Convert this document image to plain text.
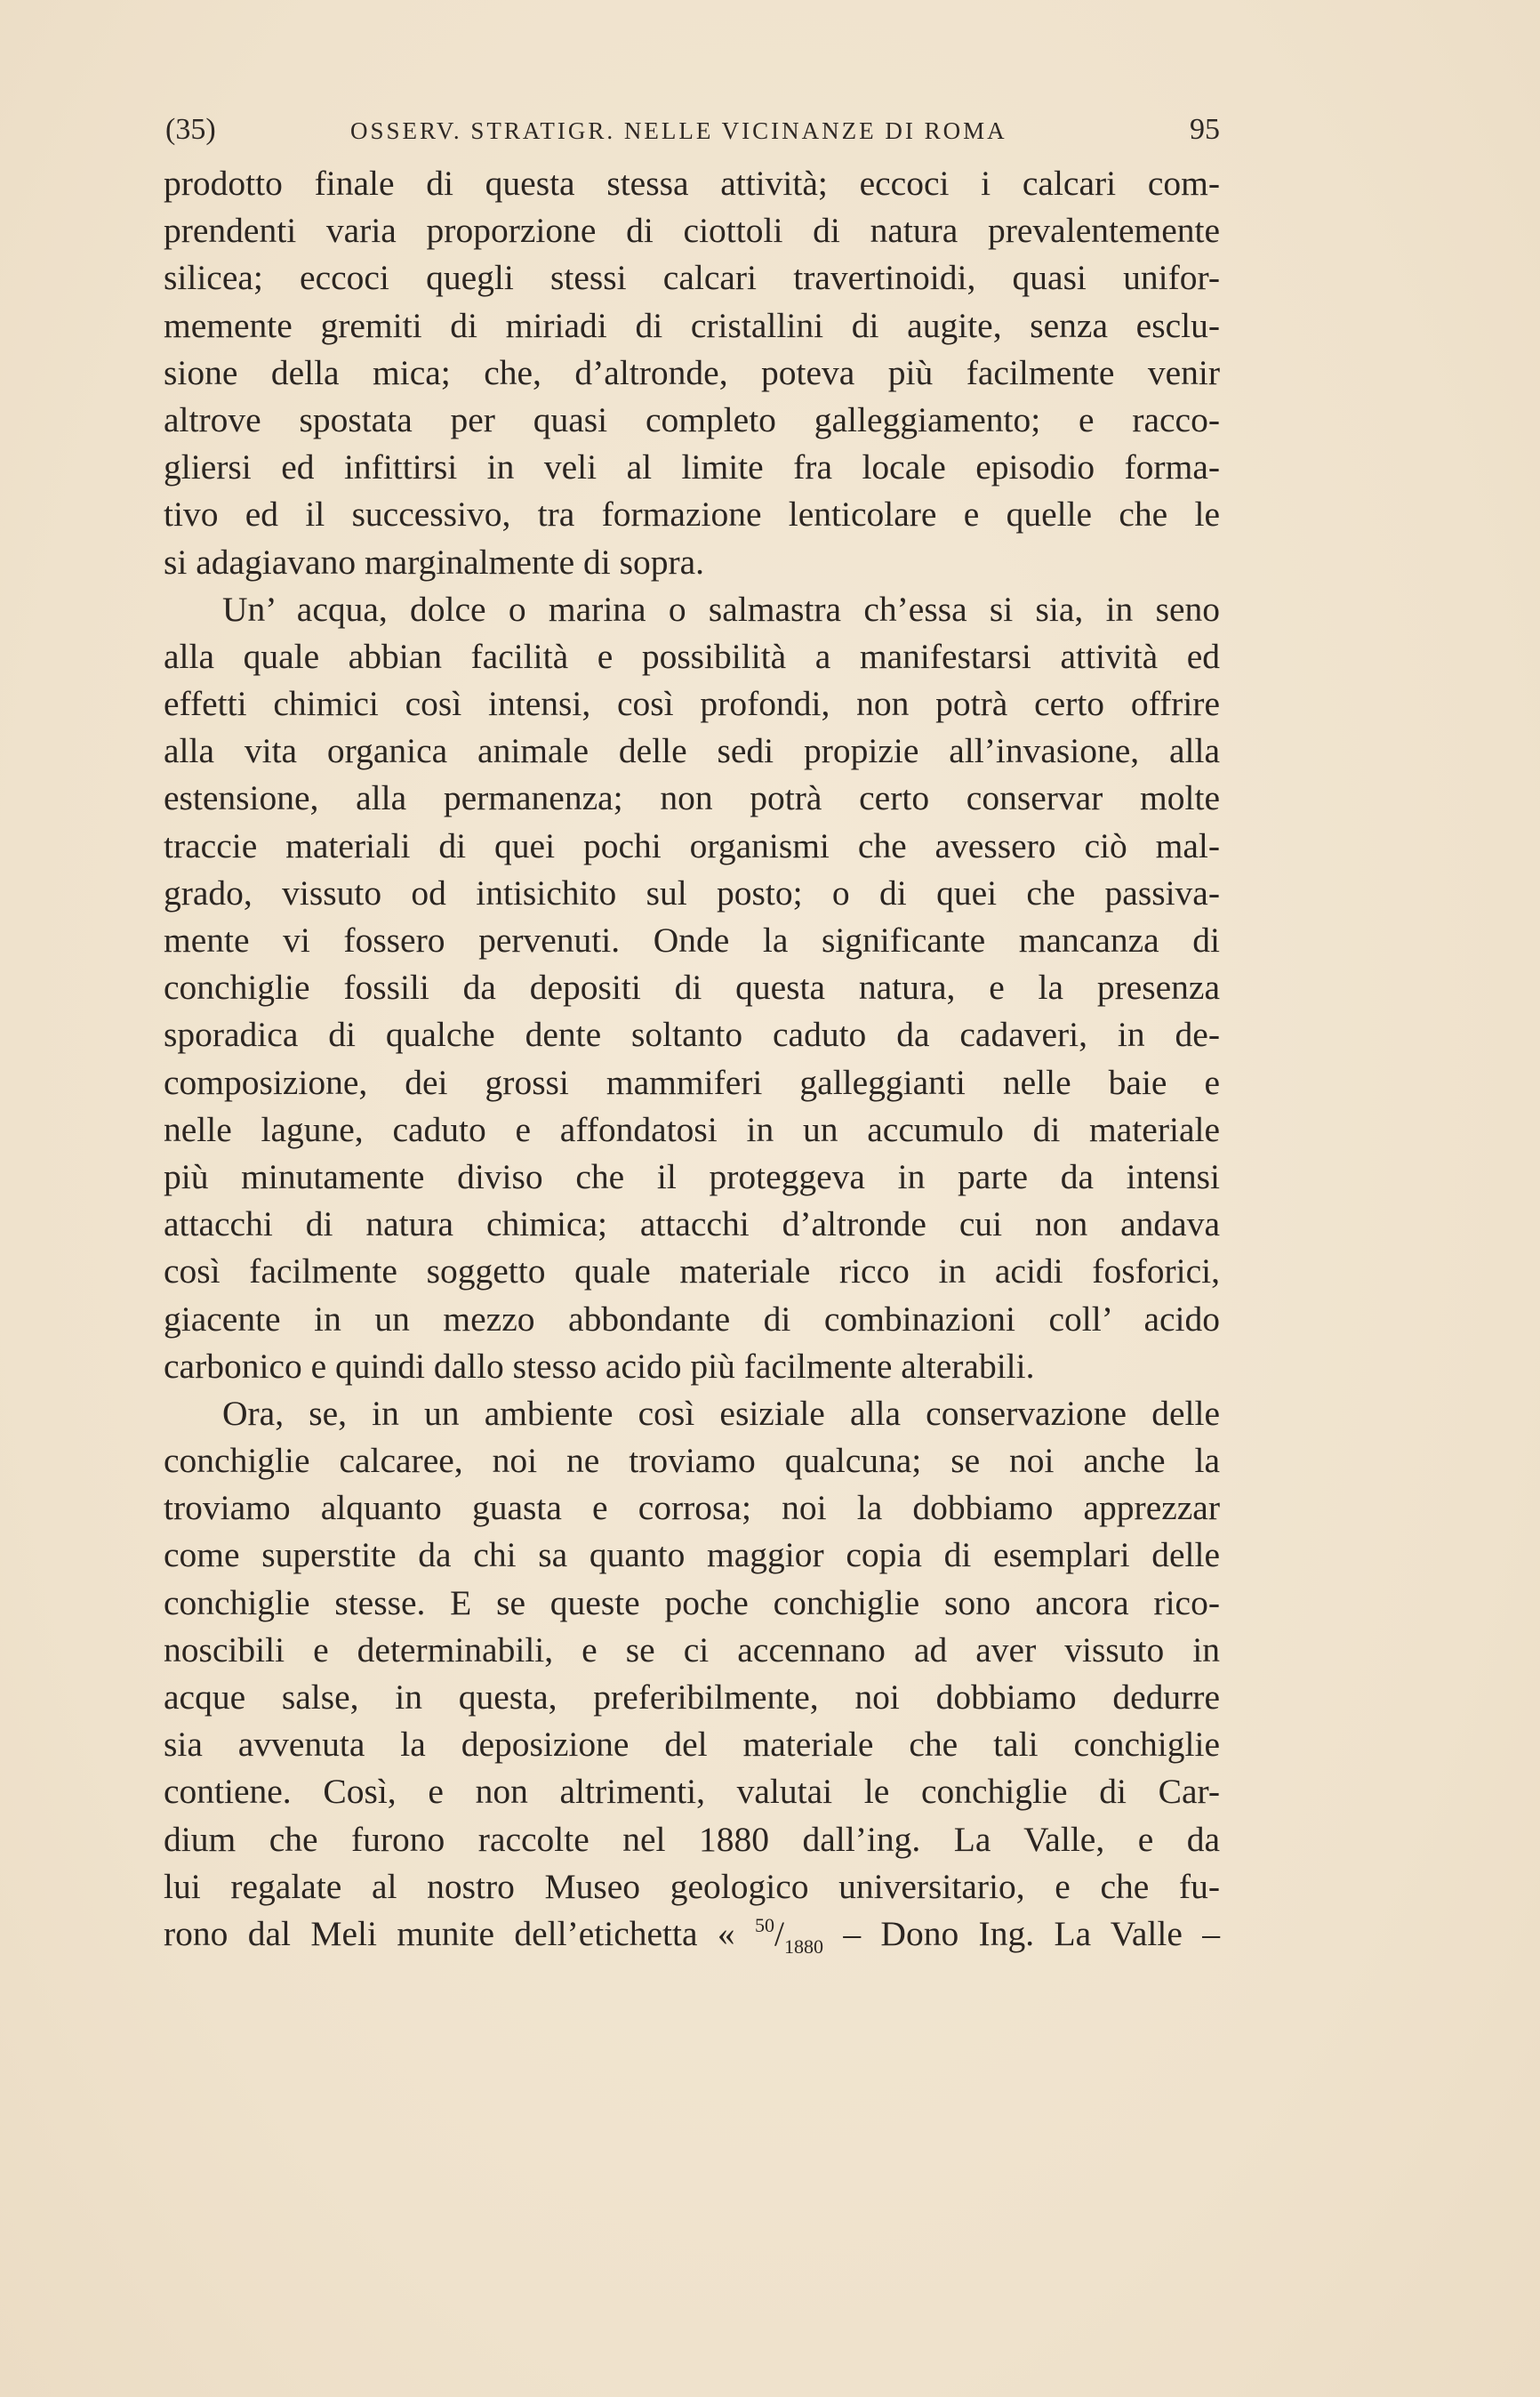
(35)	OSSERV. STRATIGR. NELLE VICINANZE DI ROMA	95
prodotto finale di questa stessa attività; eccoci i calcari com-
prendenti varia proporzione di ciottoli di natura prevalentemente
silicea; eccoci quegli stessi calcari travertinoidi, quasi unifor-
memente gremiti di miriadi di cristallini di augite, senza esclu-
sione della mica; che, d’altronde, poteva più facilmente venir
altrove spostata per quasi completo galleggiamento; e racco-
gliersi ed infittirsi in veli al limite fra locale episodio forma-
tivo ed il successivo, tra formazione lenticolare e quelle che le
si adagiavano marginalmente di sopra.
Un’ acqua, dolce o marina o salmastra ch’essa si sia, in seno
alla quale abbian facilità e possibilità a manifestarsi attività ed
effetti chimici così intensi, così profondi, non potrà certo offrire
alla vita organica animale delle sedi propizie all’invasione, alla
estensione, alla permanenza; non potrà certo conservar molte
traccie materiali di quei pochi organismi che avessero ciò mal-
grado, vissuto od intisichito sul posto; o di quei che passiva-
mente vi fossero pervenuti. Onde la significante mancanza di
conchiglie fossili da depositi di questa natura, e la presenza
sporadica di qualche dente soltanto caduto da cadaveri, in de-
composizione, dei grossi mammiferi galleggianti nelle baie e
nelle lagune, caduto e affondatosi in un accumulo di materiale
più minutamente diviso che il proteggeva in parte da intensi
attacchi di natura chimica; attacchi d’altronde cui non andava
così facilmente soggetto quale materiale ricco in acidi fosforici,
giacente in un mezzo abbondante di combinazioni coll’ acido
carbonico e quindi dallo stesso acido più facilmente alterabili.
Ora, se, in un ambiente così esiziale alla conservazione delle
conchiglie calcaree, noi ne troviamo qualcuna; se noi anche la
troviamo alquanto guasta e corrosa; noi la dobbiamo apprezzar
come superstite da chi sa quanto maggior copia di esemplari delle
conchiglie stesse. E se queste poche conchiglie sono ancora rico-
noscibili e determinabili, e se ci accennano ad aver vissuto in
acque salse, in questa, preferibilmente, noi dobbiamo dedurre
sia avvenuta la deposizione del materiale che tali conchiglie
contiene. Così, e non altrimenti, valutai le conchiglie di Car-
dium che furono raccolte nel 1880 dall’ing. La Valle, e da
lui regalate al nostro Museo geologico universitario, e che fu-
rono dal Meli munite dell’etichetta « $^{50}/_{1880}$ – Dono Ing. La Valle –
